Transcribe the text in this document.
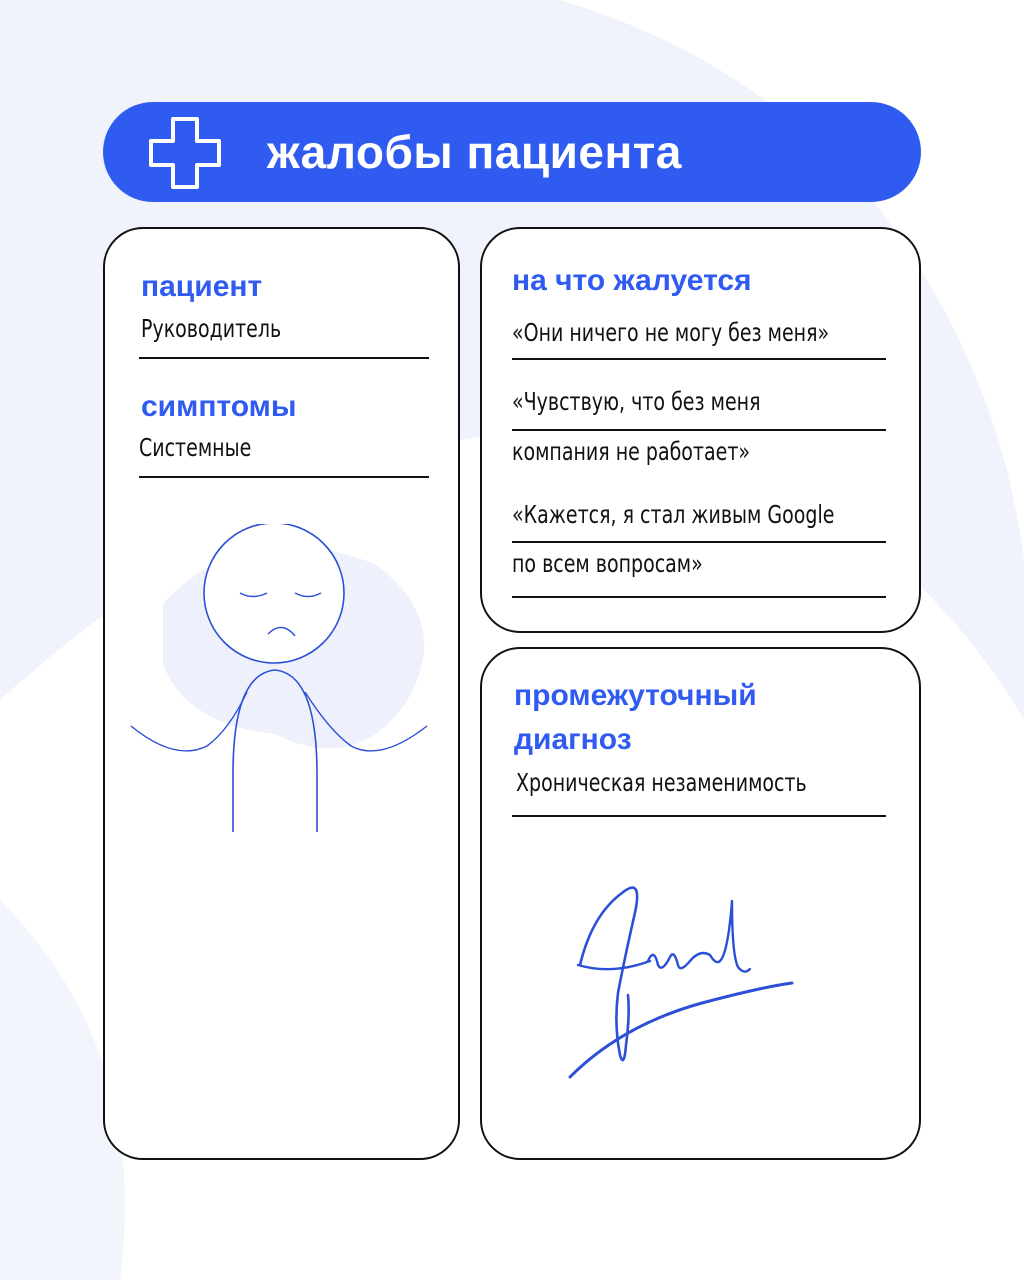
жалобы пациента
пациент
Руководитель
симптомы
Системные
на что жалуется
«Они ничего не могу без меня»
«Чувствую, что без меня
компания не работает»
«Кажется, я стал живым Google
по всем вопросам»
промежуточный
диагноз
Хроническая незаменимость
